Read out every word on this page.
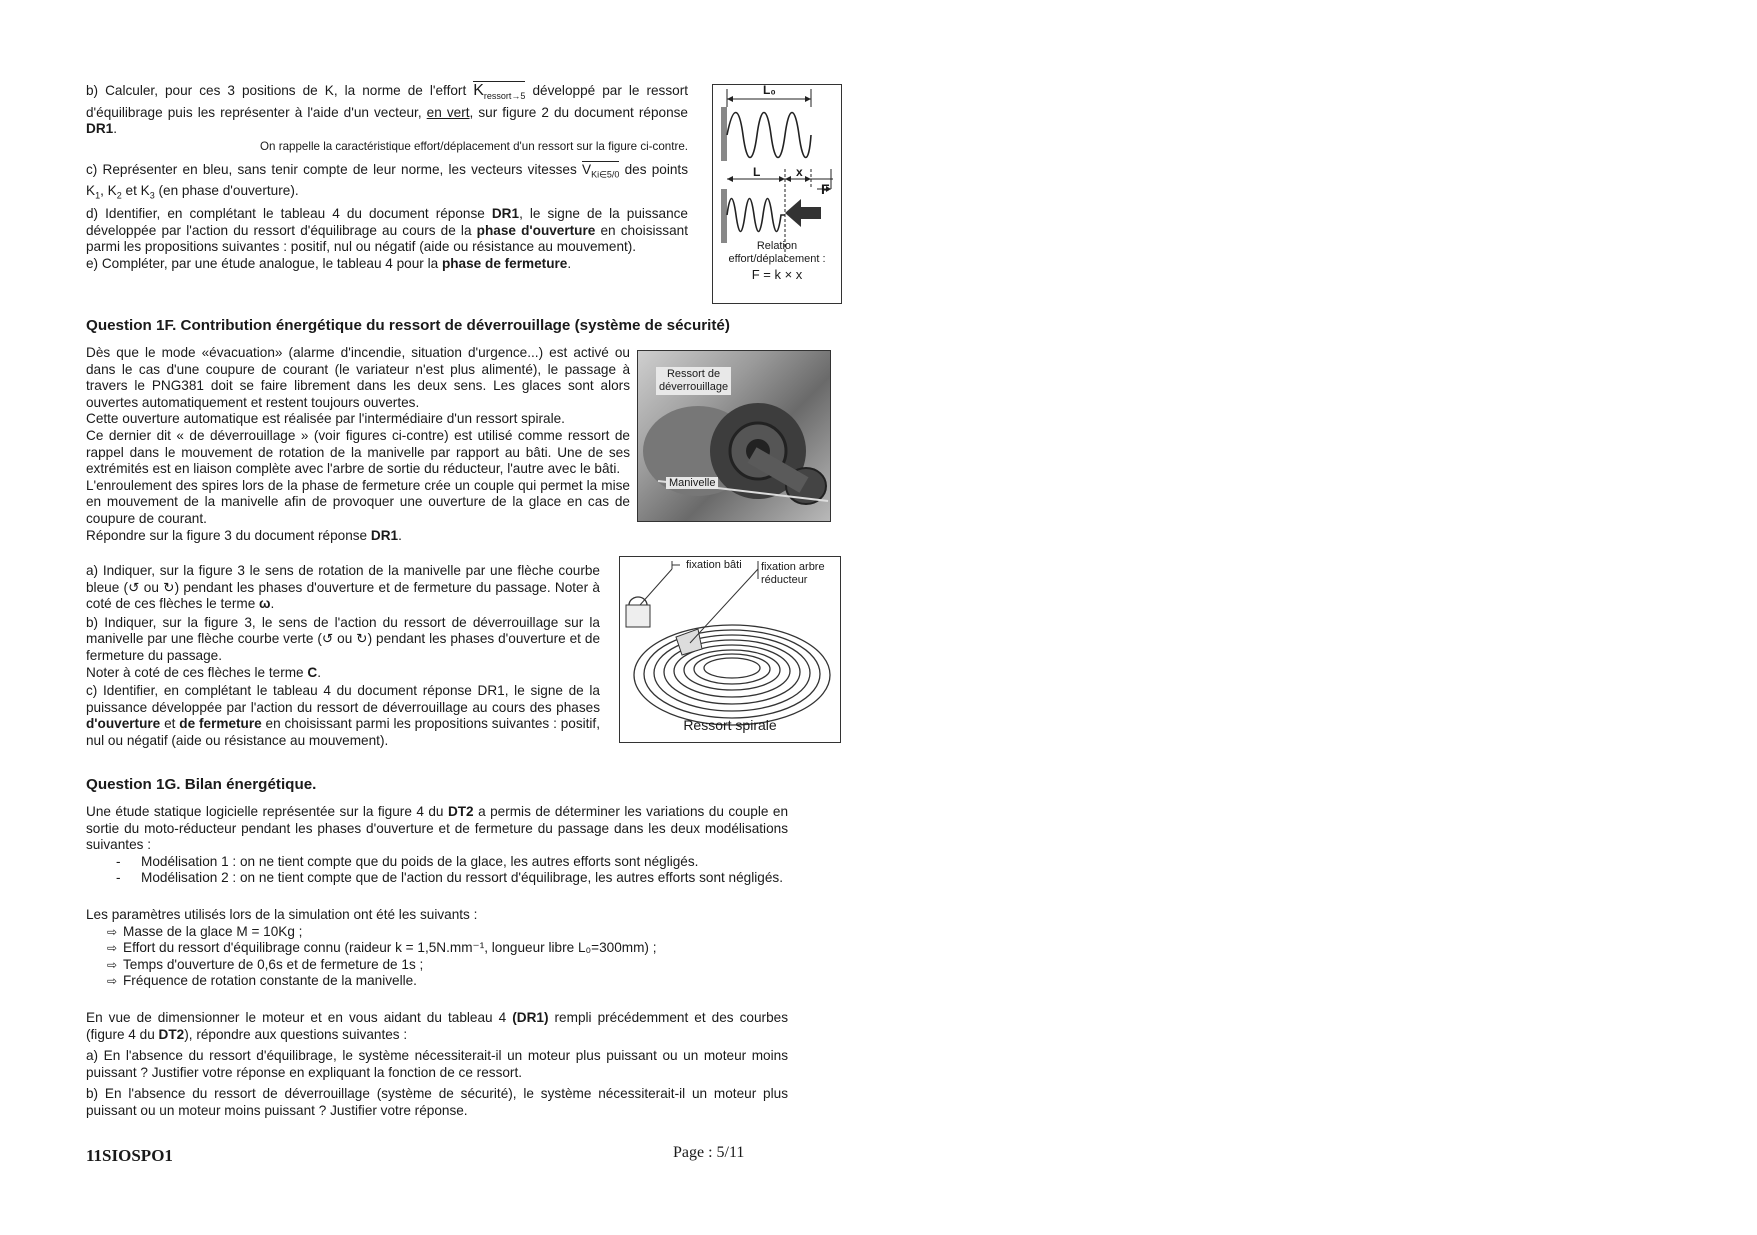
b) Calculer, pour ces 3 positions de K, la norme de l'effort $K_{ressort\to 5}$ développé par le ressort d'équilibrage puis les représenter à l'aide d'un vecteur, en vert, sur figure 2 du document réponse DR1.

On rappelle la caractéristique effort/déplacement d'un ressort sur la figure ci-contre.

c) Représenter en bleu, sans tenir compte de leur norme, les vecteurs vitesses $V_{Ki\in 5/0}$ des points $K_1$, $K_2$ et $K_3$ (en phase d'ouverture).

d) Identifier, en complétant le tableau 4 du document réponse DR1, le signe de la puissance développée par l'action du ressort d'équilibrage au cours de la phase d'ouverture en choisissant parmi les propositions suivantes : positif, nul ou négatif (aide ou résistance au mouvement).

e) Compléter, par une étude analogue, le tableau 4 pour la phase de fermeture.

L₀
L	x
F
Relation
effort/déplacement :
F = k × x
Question 1F. Contribution énergétique du ressort de déverrouillage (système de sécurité)

Dès que le mode «évacuation» (alarme d'incendie, situation d'urgence...) est activé ou dans le cas d'une coupure de courant (le variateur n'est plus alimenté), le passage à travers le PNG381 doit se faire librement dans les deux sens. Les glaces sont alors ouvertes automatiquement et restent toujours ouvertes.

Cette ouverture automatique est réalisée par l'intermédiaire d'un ressort spirale.

Ce dernier dit « de déverrouillage » (voir figures ci-contre) est utilisé comme ressort de rappel dans le mouvement de rotation de la manivelle par rapport au bâti. Une de ses extrémités est en liaison complète avec l'arbre de sortie du réducteur, l'autre avec le bâti.

L'enroulement des spires lors de la phase de fermeture crée un couple qui permet la mise en mouvement de la manivelle afin de provoquer une ouverture de la glace en cas de coupure de courant.

Répondre sur la figure 3 du document réponse DR1.

Ressort de
déverrouillage
Manivelle

a) Indiquer, sur la figure 3 le sens de rotation de la manivelle par une flèche courbe bleue (↺ ou ↻) pendant les phases d'ouverture et de fermeture du passage. Noter à coté de ces flèches le terme ω.

b) Indiquer, sur la figure 3, le sens de l'action du ressort de déverrouillage sur la manivelle par une flèche courbe verte (↺ ou ↻) pendant les phases d'ouverture et de fermeture du passage.

Noter à coté de ces flèches le terme C.

c) Identifier, en complétant le tableau 4 du document réponse DR1, le signe de la puissance développée par l'action du ressort de déverrouillage au cours des phases d'ouverture et de fermeture en choisissant parmi les propositions suivantes : positif, nul ou négatif (aide ou résistance au mouvement).

fixation bâti fixation arbre
réducteur
Ressort spirale
Question 1G. Bilan énergétique.

Une étude statique logicielle représentée sur la figure 4 du DT2 a permis de déterminer les variations du couple en sortie du moto-réducteur pendant les phases d'ouverture et de fermeture du passage dans les deux modélisations suivantes :

- Modélisation 1 : on ne tient compte que du poids de la glace, les autres efforts sont négligés.
- Modélisation 2 : on ne tient compte que de l'action du ressort d'équilibrage, les autres efforts sont négligés.

Les paramètres utilisés lors de la simulation ont été les suivants :

⇨ Masse de la glace M = 10Kg ;
⇨ Effort du ressort d'équilibrage connu (raideur k = 1,5N.mm⁻¹, longueur libre L₀=300mm) ;
⇨ Temps d'ouverture de 0,6s et de fermeture de 1s ;
⇨ Fréquence de rotation constante de la manivelle.

En vue de dimensionner le moteur et en vous aidant du tableau 4 (DR1) rempli précédemment et des courbes (figure 4 du DT2), répondre aux questions suivantes :

a) En l'absence du ressort d'équilibrage, le système nécessiterait-il un moteur plus puissant ou un moteur moins puissant ? Justifier votre réponse en expliquant la fonction de ce ressort.

b) En l'absence du ressort de déverrouillage (système de sécurité), le système nécessiterait-il un moteur plus puissant ou un moteur moins puissant ? Justifier votre réponse.

11SIOSPO1	Page : 5/11
